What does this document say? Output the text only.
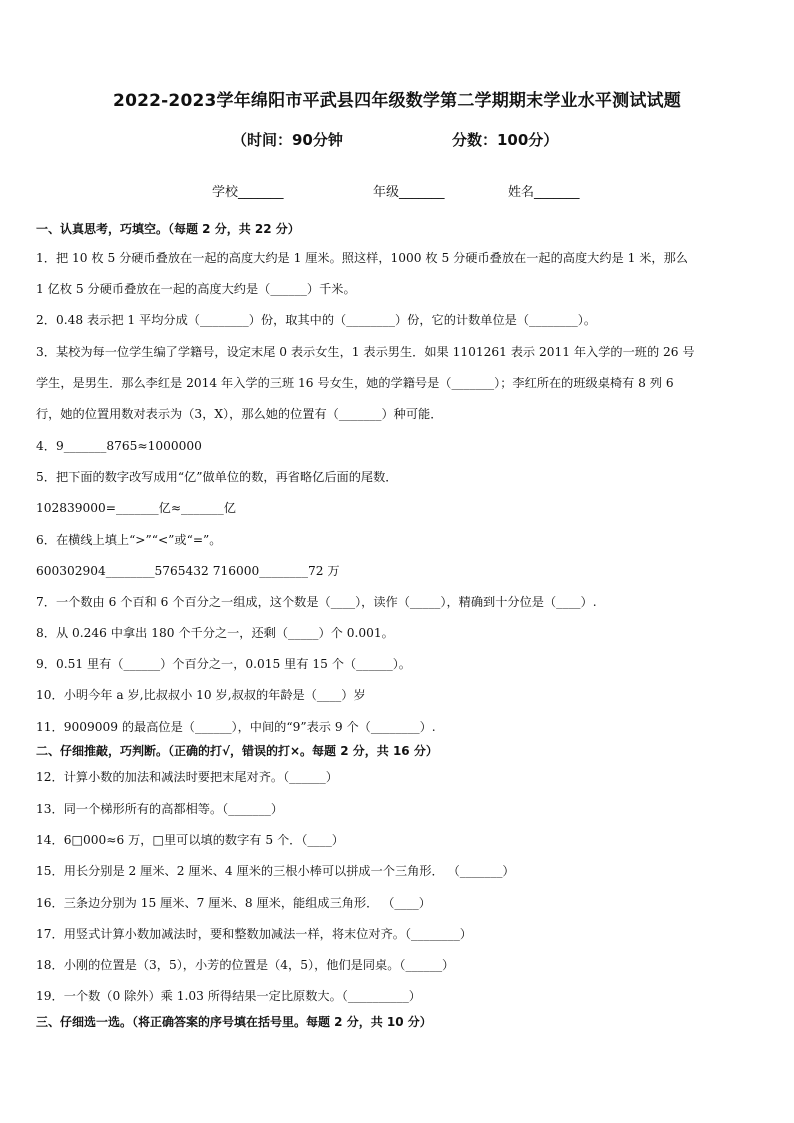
2022-2023学年绵阳市平武县四年级数学第二学期期末学业水平测试试题
（时间：90分钟	分数：100分）
学校_______	年级_______	姓名_______
一、认真思考，巧填空。（每题 2 分，共 22 分）
1．把 10 枚 5 分硬币叠放在一起的高度大约是 1 厘米。照这样，1000 枚 5 分硬币叠放在一起的高度大约是 1 米，那么
1 亿枚 5 分硬币叠放在一起的高度大约是（______）千米。
2．0.48 表示把 1 平均分成（________）份，取其中的（________）份，它的计数单位是（________）。
3．某校为每一位学生编了学籍号，设定末尾 0 表示女生，1 表示男生．如果 1101261 表示 2011 年入学的一班的 26 号
学生，是男生．那么李红是 2014 年入学的三班 16 号女生，她的学籍号是（_______）；李红所在的班级桌椅有 8 列 6
行，她的位置用数对表示为（3，X），那么她的位置有（_______）种可能．
4．9_______8765≈1000000
5．把下面的数字改写成用“亿”做单位的数，再省略亿后面的尾数．
102839000=_______亿≈_______亿
6．在横线上填上“>”“<”或“=”。
600302904________5765432 716000________72 万
7．一个数由 6 个百和 6 个百分之一组成，这个数是（____），读作（_____），精确到十分位是（____）.
8．从 0.246 中拿出 180 个千分之一，还剩（_____）个 0.001。
9．0.51 里有（______）个百分之一，0.015 里有 15 个（______）。
10．小明今年 a 岁,比叔叔小 10 岁,叔叔的年龄是（____）岁
11．9009009 的最高位是（______），中间的“9”表示 9 个（________）.
二、仔细推敲，巧判断。（正确的打√，错误的打×。每题 2 分，共 16 分）
12．计算小数的加法和减法时要把末尾对齐。（______）
13．同一个梯形所有的高都相等。（_______）
14．6□000≈6 万，□里可以填的数字有 5 个．（____）
15．用长分别是 2 厘米、2 厘米、4 厘米的三根小棒可以拼成一个三角形． （_______）
16．三条边分别为 15 厘米、7 厘米、8 厘米，能组成三角形． （____）
17．用竖式计算小数加减法时，要和整数加减法一样，将末位对齐。（________）
18．小刚的位置是（3，5），小芳的位置是（4，5），他们是同桌。（______）
19．一个数（0 除外）乘 1.03 所得结果一定比原数大。（__________）
三、仔细选一选。（将正确答案的序号填在括号里。每题 2 分，共 10 分）
